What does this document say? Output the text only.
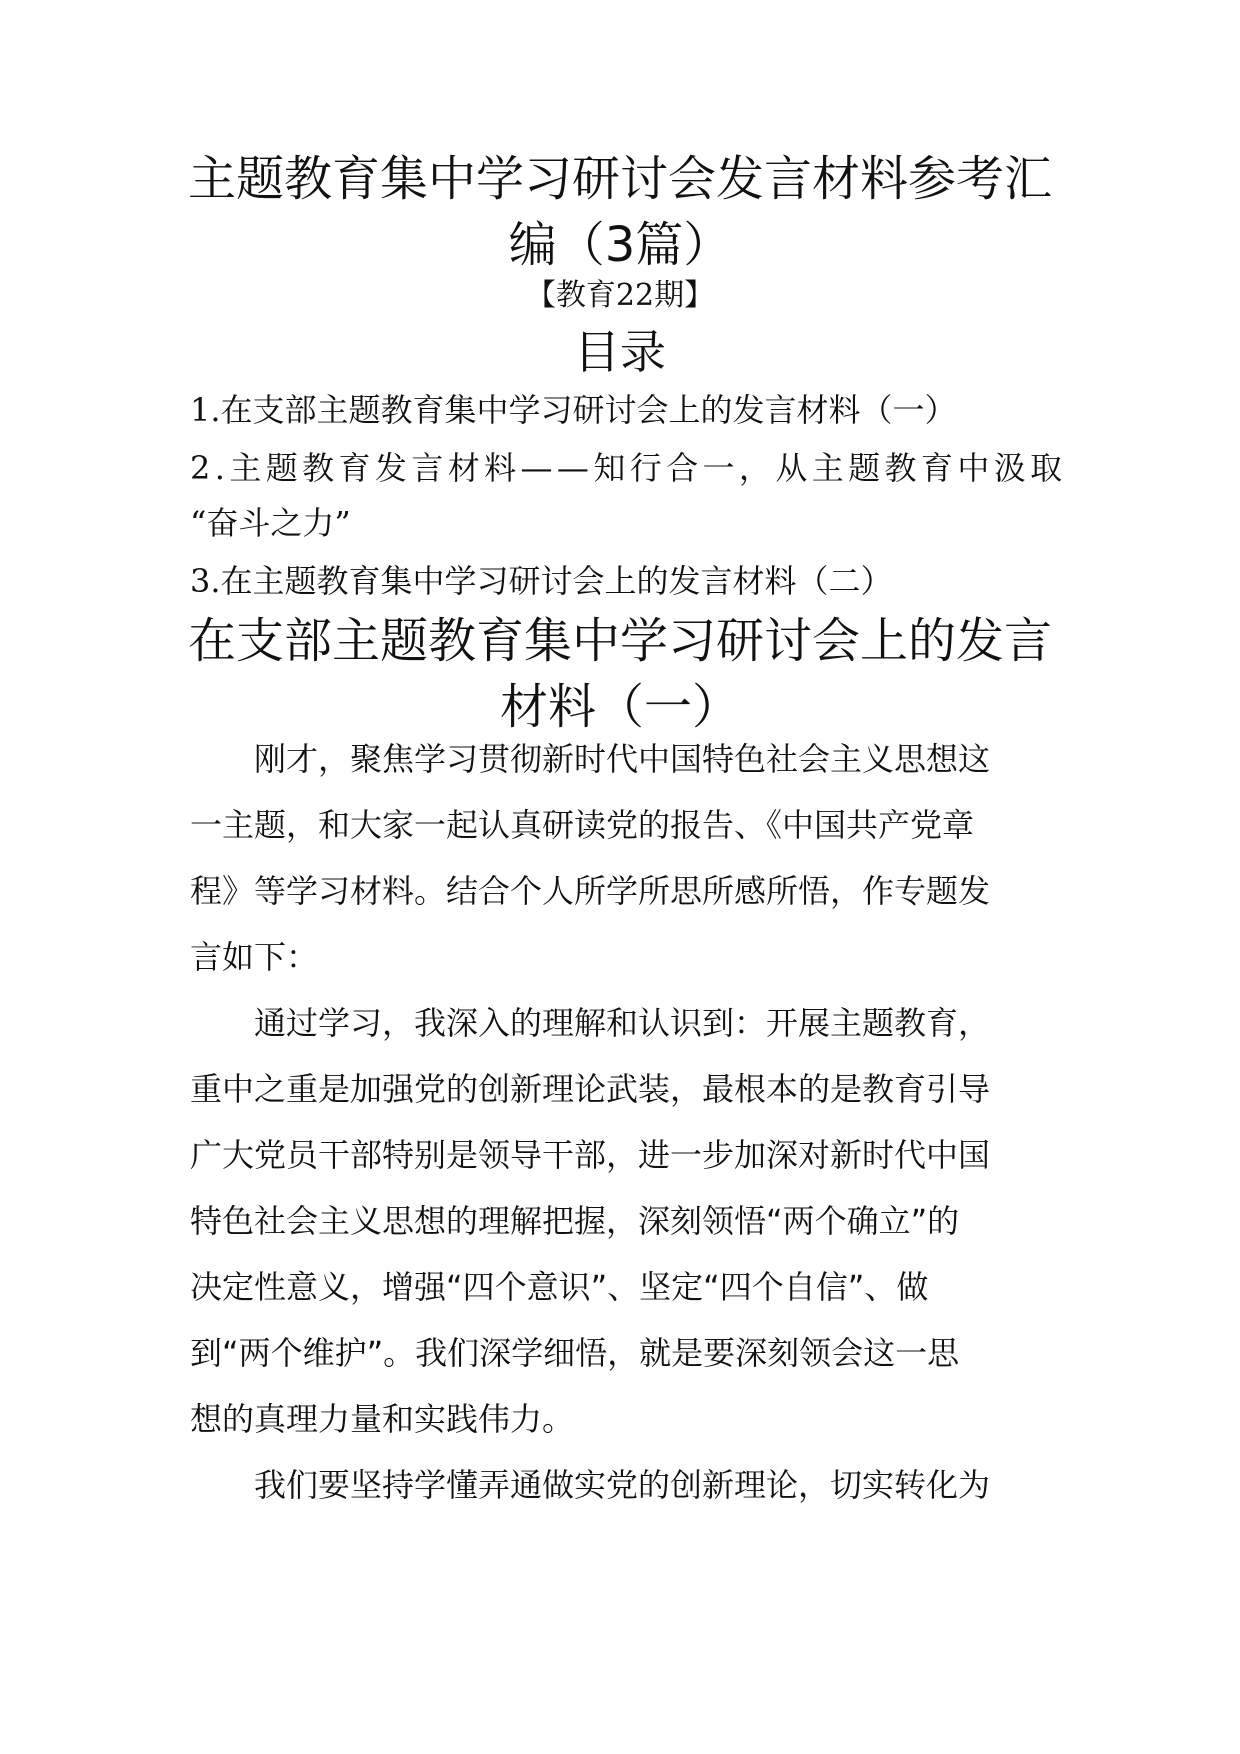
主题教育集中学习研讨会发言材料参考汇
编（3篇）
【教育22期】
目录
1.在支部主题教育集中学习研讨会上的发言材料（一）
2.主题教育发言材料——知行合一，从主题教育中汲取
“奋斗之力”
3.在主题教育集中学习研讨会上的发言材料（二）
在支部主题教育集中学习研讨会上的发言
材料（一）
刚才，聚焦学习贯彻新时代中国特色社会主义思想这
一主题，和大家一起认真研读党的报告、《中国共产党章
程》等学习材料。结合个人所学所思所感所悟，作专题发
言如下：
通过学习，我深入的理解和认识到：开展主题教育，
重中之重是加强党的创新理论武装，最根本的是教育引导
广大党员干部特别是领导干部，进一步加深对新时代中国
特色社会主义思想的理解把握，深刻领悟“两个确立”的
决定性意义，增强“四个意识”、坚定“四个自信”、做
到“两个维护”。我们深学细悟，就是要深刻领会这一思
想的真理力量和实践伟力。
我们要坚持学懂弄通做实党的创新理论，切实转化为
